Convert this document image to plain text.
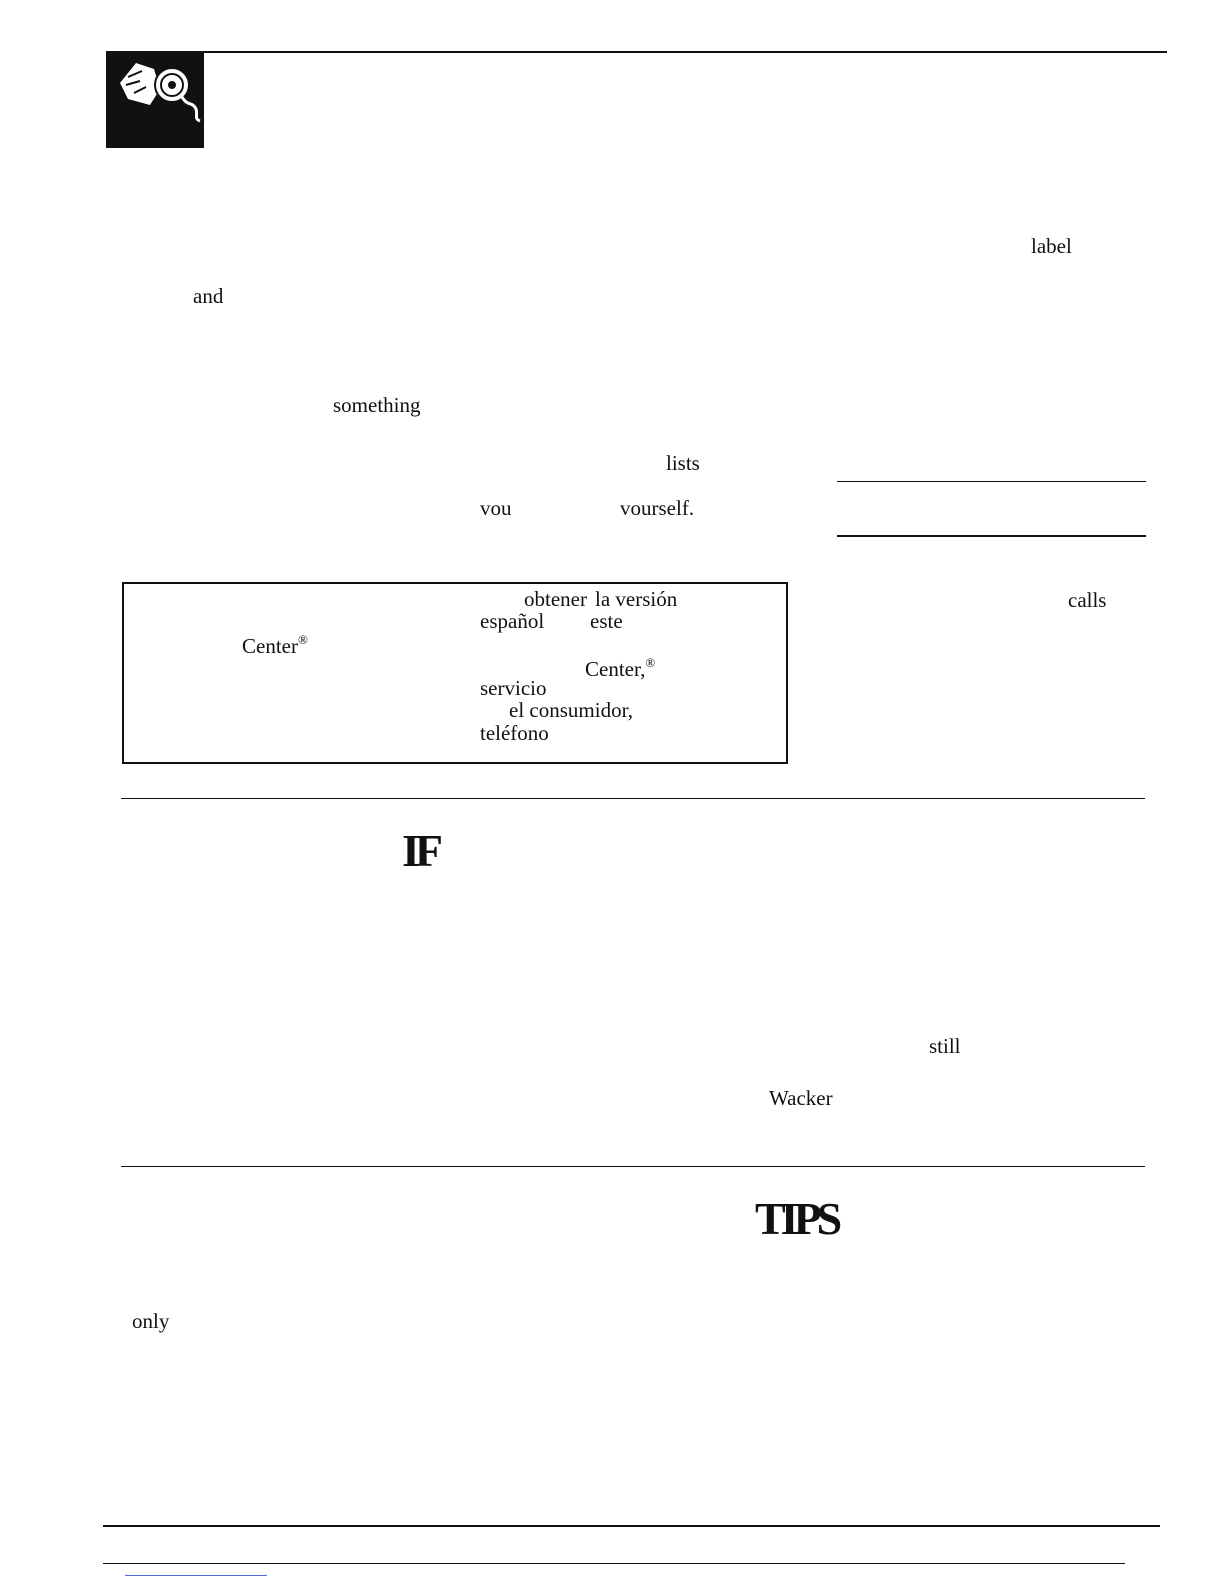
label
and
something
lists
vou	vourself.
obtener la versión
español este
Center®
Center,®
servicio
el consumidor,
teléfono
calls
IF
still
Wacker
TIPS
only
